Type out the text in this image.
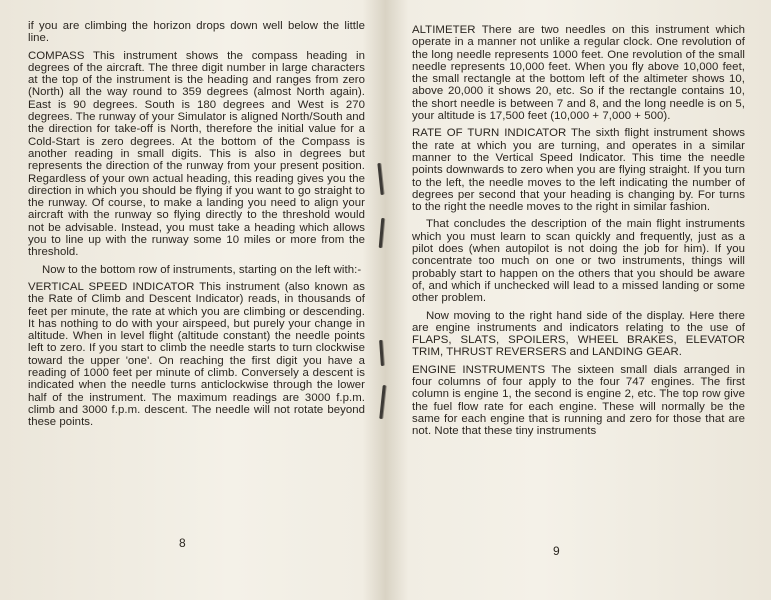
if you are climbing the horizon drops down well below the little line.

COMPASS This instrument shows the compass heading in degrees of the aircraft. The three digit number in large characters at the top of the instrument is the heading and ranges from zero (North) all the way round to 359 degrees (almost North again). East is 90 degrees. South is 180 degrees and West is 270 degrees. The runway of your Simulator is aligned North/South and the direction for take-off is North, therefore the initial value for a Cold-Start is zero degrees. At the bottom of the Compass is another reading in small digits. This is also in degrees but represents the direction of the runway from your present position. Regardless of your own actual heading, this reading gives you the direction in which you should be flying if you want to go straight to the runway. Of course, to make a landing you need to align your aircraft with the runway so flying directly to the threshold would not be advisable. Instead, you must take a heading which allows you to line up with the runway some 10 miles or more from the threshold.

Now to the bottom row of instruments, starting on the left with:-

VERTICAL SPEED INDICATOR This instrument (also known as the Rate of Climb and Descent Indicator) reads, in thousands of feet per minute, the rate at which you are climbing or descending. It has nothing to do with your airspeed, but purely your change in altitude. When in level flight (altitude constant) the needle points left to zero. If you start to climb the needle starts to turn clockwise toward the upper 'one'. On reaching the first digit you have a reading of 1000 feet per minute of climb. Conversely a descent is indicated when the needle turns anticlockwise through the lower half of the instrument. The maximum readings are 3000 f.p.m. climb and 3000 f.p.m. descent. The needle will not rotate beyond these points.

8

ALTIMETER There are two needles on this instrument which operate in a manner not unlike a regular clock. One revolution of the long needle represents 1000 feet. One revolution of the small needle represents 10,000 feet. When you fly above 10,000 feet, the small rectangle at the bottom left of the altimeter shows 10, above 20,000 it shows 20, etc. So if the rectangle contains 10, the short needle is between 7 and 8, and the long needle is on 5, your altitude is 17,500 feet (10,000 + 7,000 + 500).

RATE OF TURN INDICATOR The sixth flight instrument shows the rate at which you are turning, and operates in a similar manner to the Vertical Speed Indicator. This time the needle points downwards to zero when you are flying straight. If you turn to the left, the needle moves to the left indicating the number of degrees per second that your heading is changing by. For turns to the right the needle moves to the right in similar fashion.

That concludes the description of the main flight instruments which you must learn to scan quickly and frequently, just as a pilot does (when autopilot is not doing the job for him). If you concentrate too much on one or two instruments, things will probably start to happen on the others that you should be aware of, and which if unchecked will lead to a missed landing or some other problem.

Now moving to the right hand side of the display. Here there are engine instruments and indicators relating to the use of FLAPS, SLATS, SPOILERS, WHEEL BRAKES, ELEVATOR TRIM, THRUST REVERSERS and LANDING GEAR.

ENGINE INSTRUMENTS The sixteen small dials arranged in four columns of four apply to the four 747 engines. The first column is engine 1, the second is engine 2, etc. The top row give the fuel flow rate for each engine. These will normally be the same for each engine that is running and zero for those that are not. Note that these tiny instruments

9
